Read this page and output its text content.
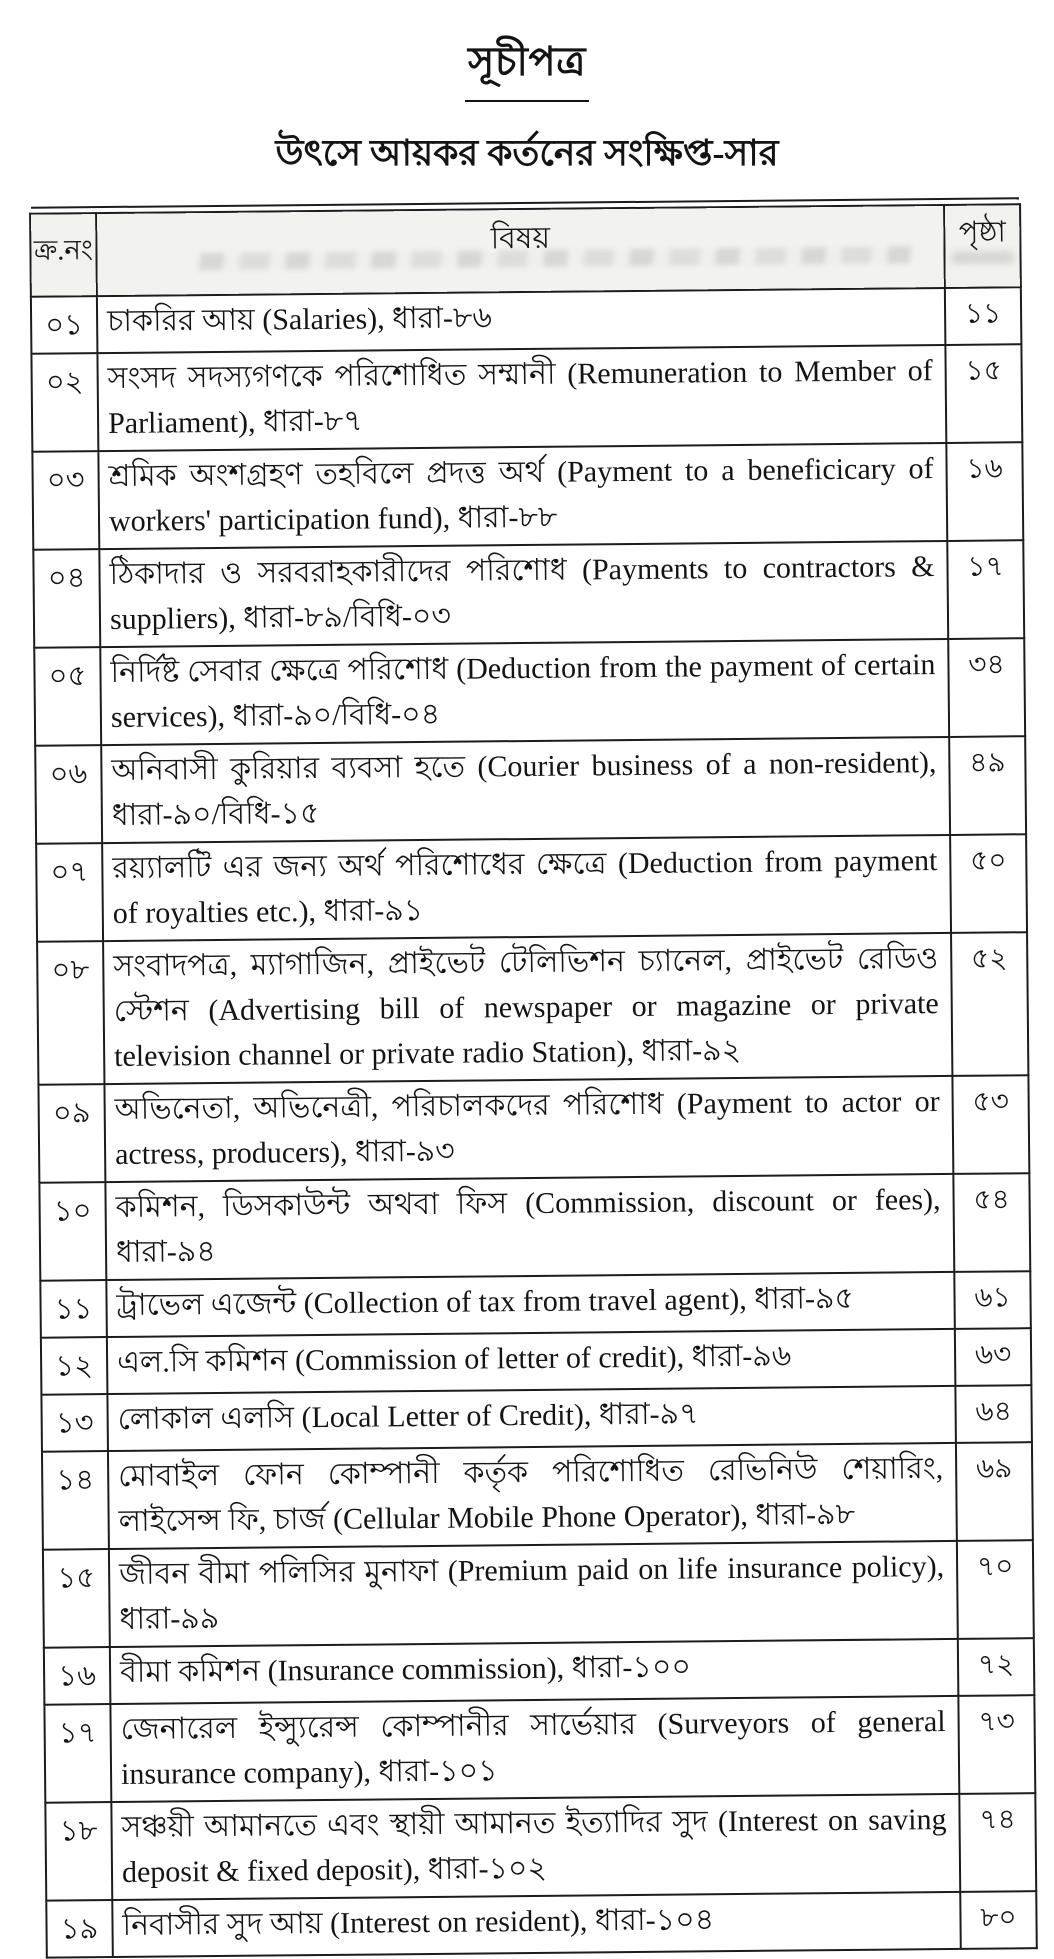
সূচীপত্র
উৎসে আয়কর কর্তনের সংক্ষিপ্ত-সার
ক্র.নং	বিষয়	পৃষ্ঠা
০১	চাকরির আয় (Salaries), ধারা-৮৬	১১
০২	সংসদ সদস্যগণকে পরিশোধিত সম্মানী (Remuneration to Member of Parliament), ধারা-৮৭	১৫
০৩	শ্রমিক অংশগ্রহণ তহবিলে প্রদত্ত অর্থ (Payment to a beneficicary of workers' participation fund), ধারা-৮৮	১৬
০৪	ঠিকাদার ও সরবরাহকারীদের পরিশোধ (Payments to contractors & suppliers), ধারা-৮৯/বিধি-০৩	১৭
০৫	নির্দিষ্ট সেবার ক্ষেত্রে পরিশোধ (Deduction from the payment of certain services), ধারা-৯০/বিধি-০৪	৩৪
০৬	অনিবাসী কুরিয়ার ব্যবসা হতে (Courier business of a non-resident), ধারা-৯০/বিধি-১৫	৪৯
০৭	রয়্যালটি এর জন্য অর্থ পরিশোধের ক্ষেত্রে (Deduction from payment of royalties etc.), ধারা-৯১	৫০
০৮	সংবাদপত্র, ম্যাগাজিন, প্রাইভেট টেলিভিশন চ্যানেল, প্রাইভেট রেডিও স্টেশন (Advertising bill of newspaper or magazine or private television channel or private radio Station), ধারা-৯২	৫২
০৯	অভিনেতা, অভিনেত্রী, পরিচালকদের পরিশোধ (Payment to actor or actress, producers), ধারা-৯৩	৫৩
১০	কমিশন, ডিসকাউন্ট অথবা ফিস (Commission, discount or fees), ধারা-৯৪	৫৪
১১	ট্রাভেল এজেন্ট (Collection of tax from travel agent), ধারা-৯৫	৬১
১২	এল.সি কমিশন (Commission of letter of credit), ধারা-৯৬	৬৩
১৩	লোকাল এলসি (Local Letter of Credit), ধারা-৯৭	৬৪
১৪	মোবাইল ফোন কোম্পানী কর্তৃক পরিশোধিত রেভিনিউ শেয়ারিং, লাইসেন্স ফি, চার্জ (Cellular Mobile Phone Operator), ধারা-৯৮	৬৯
১৫	জীবন বীমা পলিসির মুনাফা (Premium paid on life insurance policy), ধারা-৯৯	৭০
১৬	বীমা কমিশন (Insurance commission), ধারা-১০০	৭২
১৭	জেনারেল ইন্স্যুরেন্স কোম্পানীর সার্ভেয়ার (Surveyors of general insurance company), ধারা-১০১	৭৩
১৮	সঞ্চয়ী আমানতে এবং স্থায়ী আমানত ইত্যাদির সুদ (Interest on saving deposit & fixed deposit), ধারা-১০২	৭৪
১৯	নিবাসীর সুদ আয় (Interest on resident), ধারা-১০৪	৮০
